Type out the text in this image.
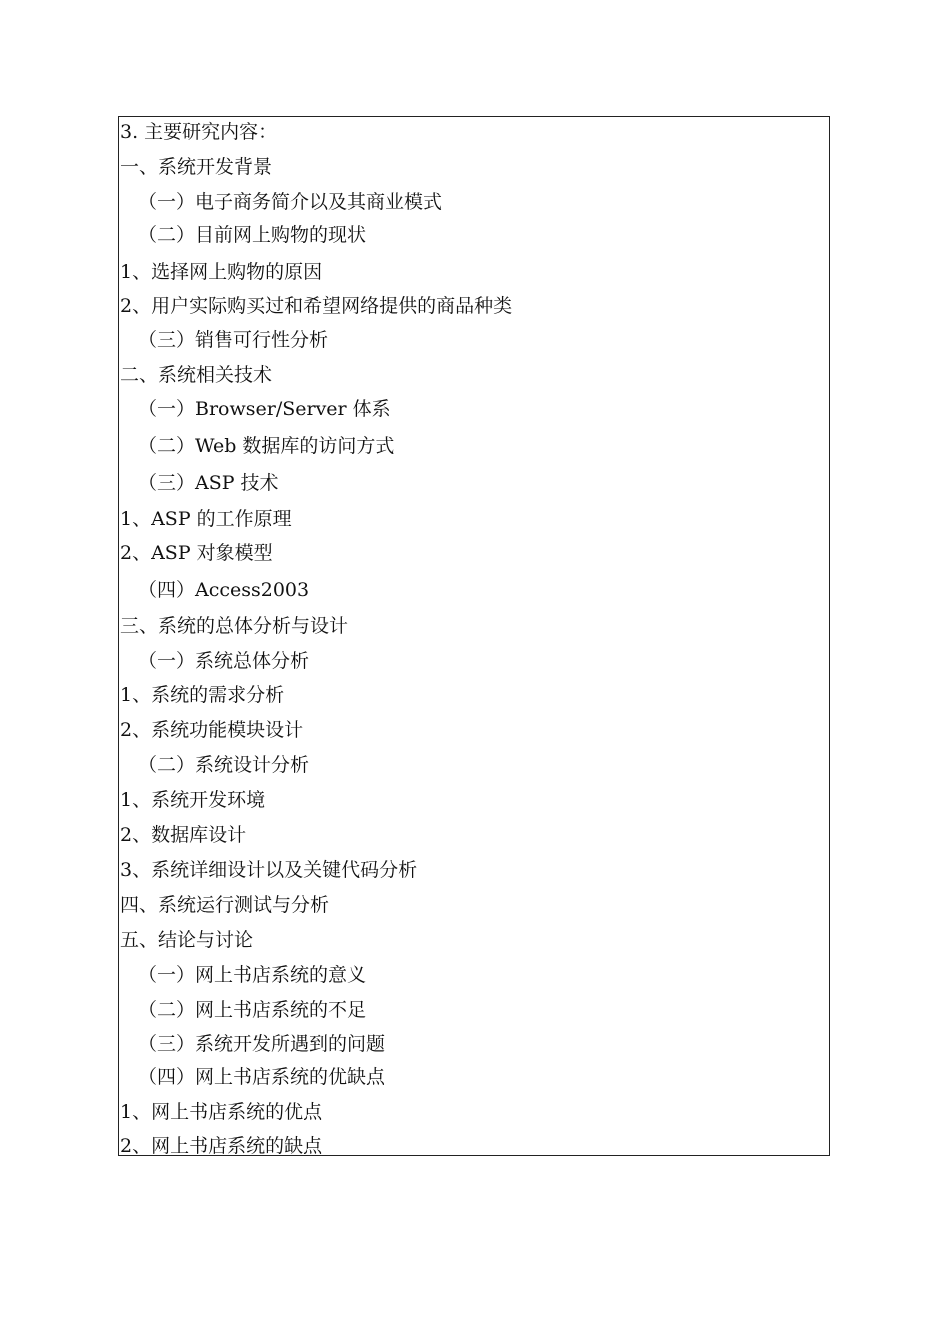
3. 主要研究内容：
一、系统开发背景
（一）电子商务简介以及其商业模式
（二）目前网上购物的现状
1、选择网上购物的原因
2、用户实际购买过和希望网络提供的商品种类
（三）销售可行性分析
二、系统相关技术
（一）Browser/Server 体系
（二）Web 数据库的访问方式
（三）ASP 技术
1、ASP 的工作原理
2、ASP 对象模型
（四）Access2003
三、系统的总体分析与设计
（一）系统总体分析
1、系统的需求分析
2、系统功能模块设计
（二）系统设计分析
1、系统开发环境
2、数据库设计
3、系统详细设计以及关键代码分析
四、系统运行测试与分析
五、结论与讨论
（一）网上书店系统的意义
（二）网上书店系统的不足
（三）系统开发所遇到的问题
（四）网上书店系统的优缺点
1、网上书店系统的优点
2、网上书店系统的缺点
